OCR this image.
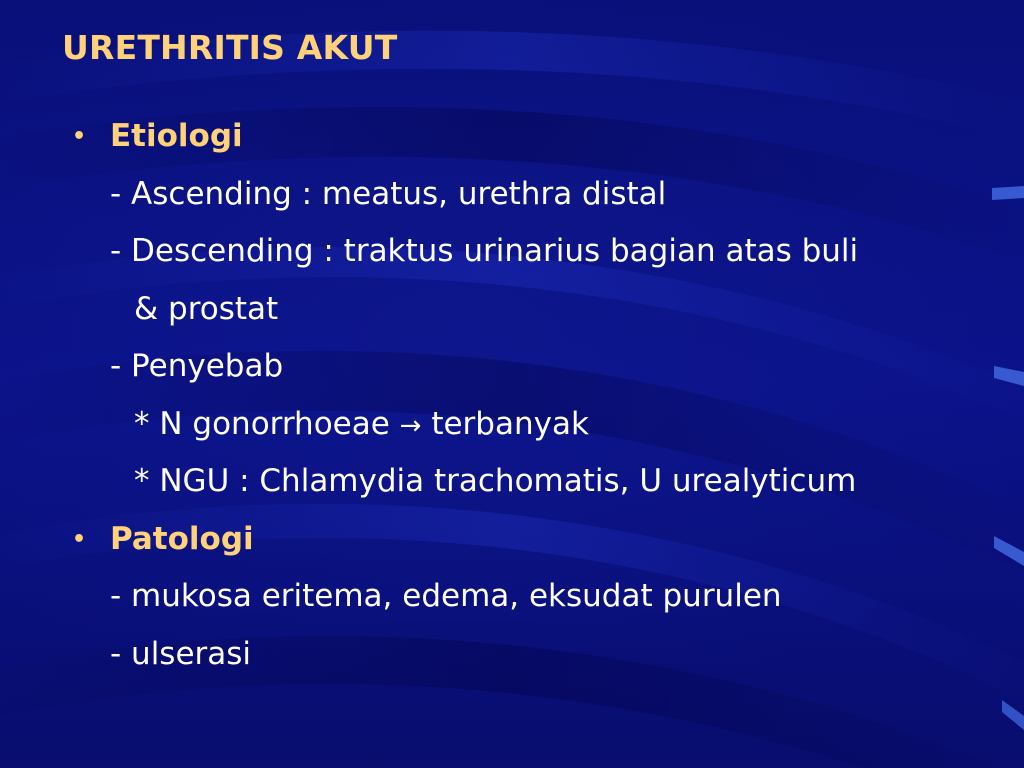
URETHRITIS AKUT
• Etiologi
- Ascending : meatus, urethra distal
- Descending : traktus urinarius bagian atas buli
& prostat
- Penyebab
* N gonorrhoeae → terbanyak
* NGU : Chlamydia trachomatis, U urealyticum
• Patologi
- mukosa eritema, edema, eksudat purulen
- ulserasi
